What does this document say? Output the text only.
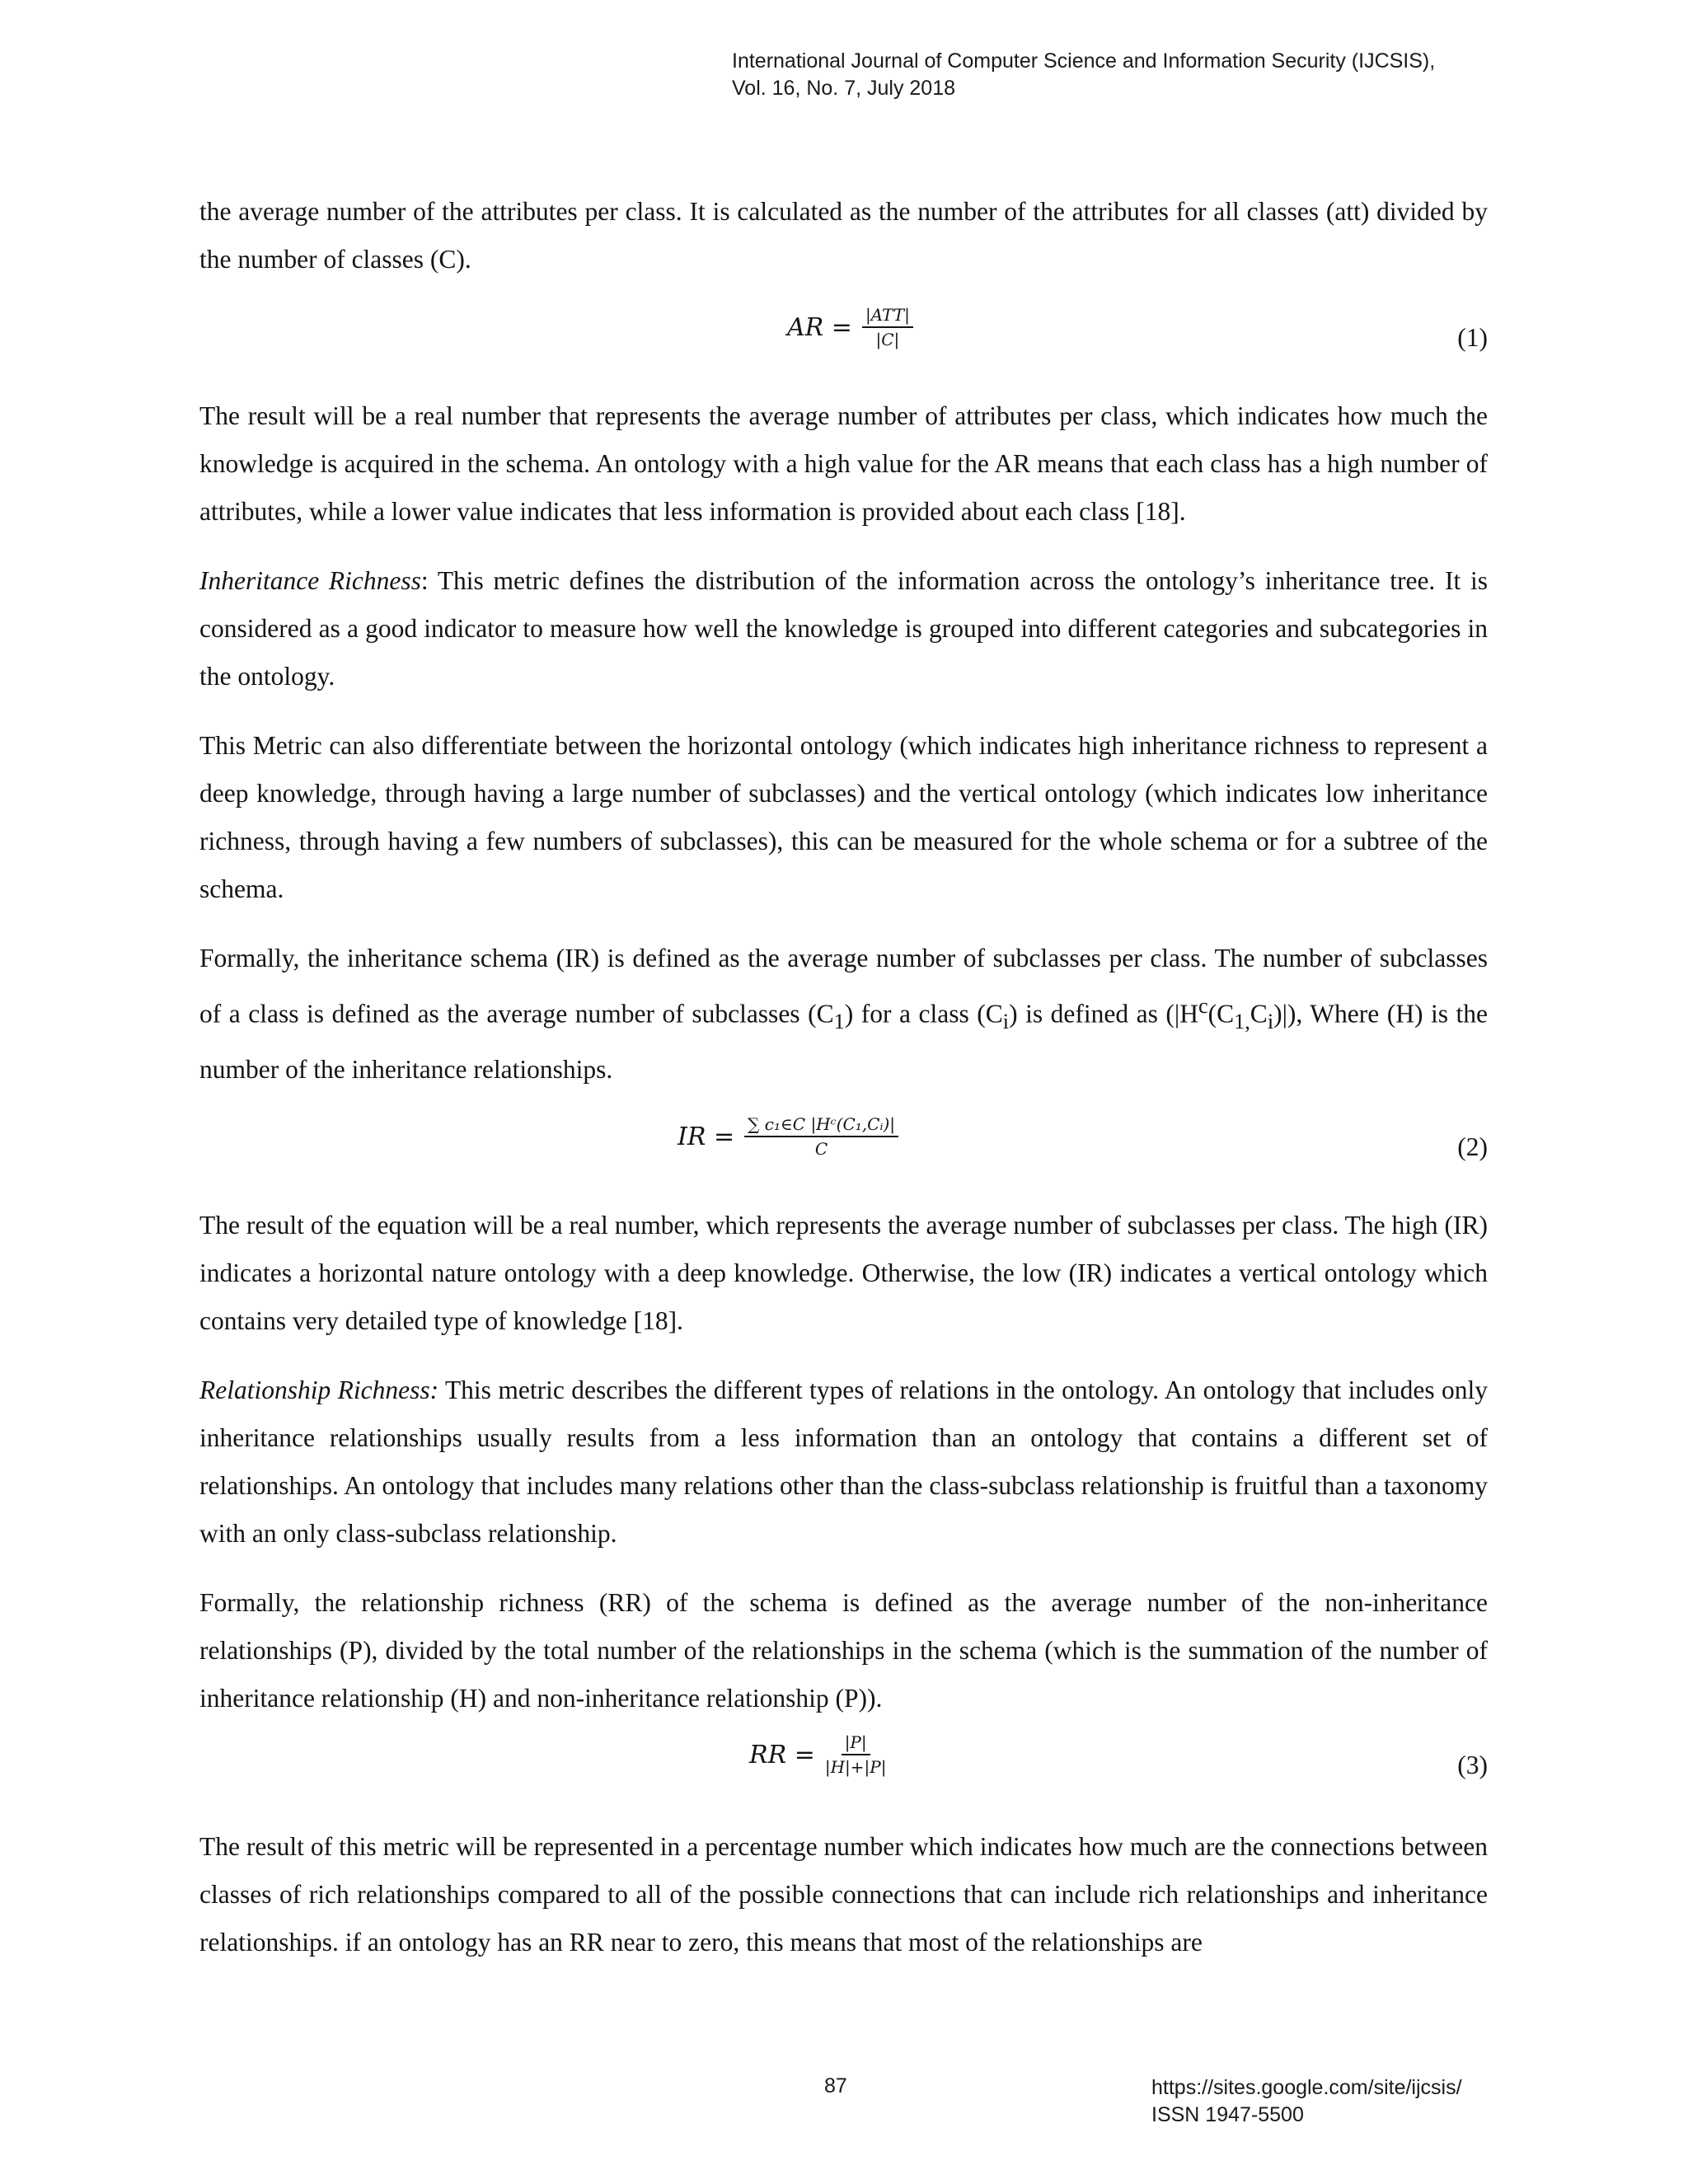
International Journal of Computer Science and Information Security (IJCSIS),
Vol. 16, No. 7, July 2018

the average number of the attributes per class. It is calculated as the number of the attributes for all classes (att) divided by the number of classes (C).

AR = $\frac{\text{|ATT|}}{|C|}$	(1)

The result will be a real number that represents the average number of attributes per class, which indicates how much the knowledge is acquired in the schema. An ontology with a high value for the AR means that each class has a high number of attributes, while a lower value indicates that less information is provided about each class [18].

Inheritance Richness: This metric defines the distribution of the information across the ontology’s inheritance tree. It is considered as a good indicator to measure how well the knowledge is grouped into different categories and subcategories in the ontology.

This Metric can also differentiate between the horizontal ontology (which indicates high inheritance richness to represent a deep knowledge, through having a large number of subclasses) and the vertical ontology (which indicates low inheritance richness, through having a few numbers of subclasses), this can be measured for the whole schema or for a subtree of the schema.

Formally, the inheritance schema (IR) is defined as the average number of subclasses per class. The number of subclasses of a class is defined as the average number of subclasses $(C_1)$ for a class $(C_i)$ is defined as $(|H^c(C_{1,}C_i)|)$, Where (H) is the number of the inheritance relationships.

IR = $\frac{\text{∑ c₁∈C |Hᶜ(C₁,Cᵢ)|}}{C}$	(2)

The result of the equation will be a real number, which represents the average number of subclasses per class. The high (IR) indicates a horizontal nature ontology with a deep knowledge. Otherwise, the low (IR) indicates a vertical ontology which contains very detailed type of knowledge [18].

Relationship Richness: This metric describes the different types of relations in the ontology. An ontology that includes only inheritance relationships usually results from a less information than an ontology that contains a different set of relationships. An ontology that includes many relations other than the class-subclass relationship is fruitful than a taxonomy with an only class-subclass relationship.

Formally, the relationship richness (RR) of the schema is defined as the average number of the non-inheritance relationships (P), divided by the total number of the relationships in the schema (which is the summation of the number of inheritance relationship (H) and non-inheritance relationship (P)).

RR = $\frac{|P|}{|H|+|P|}$	(3)

The result of this metric will be represented in a percentage number which indicates how much are the connections between classes of rich relationships compared to all of the possible connections that can include rich relationships and inheritance relationships. if an ontology has an RR near to zero, this means that most of the relationships are

87	https://sites.google.com/site/ijcsis/
ISSN 1947-5500
